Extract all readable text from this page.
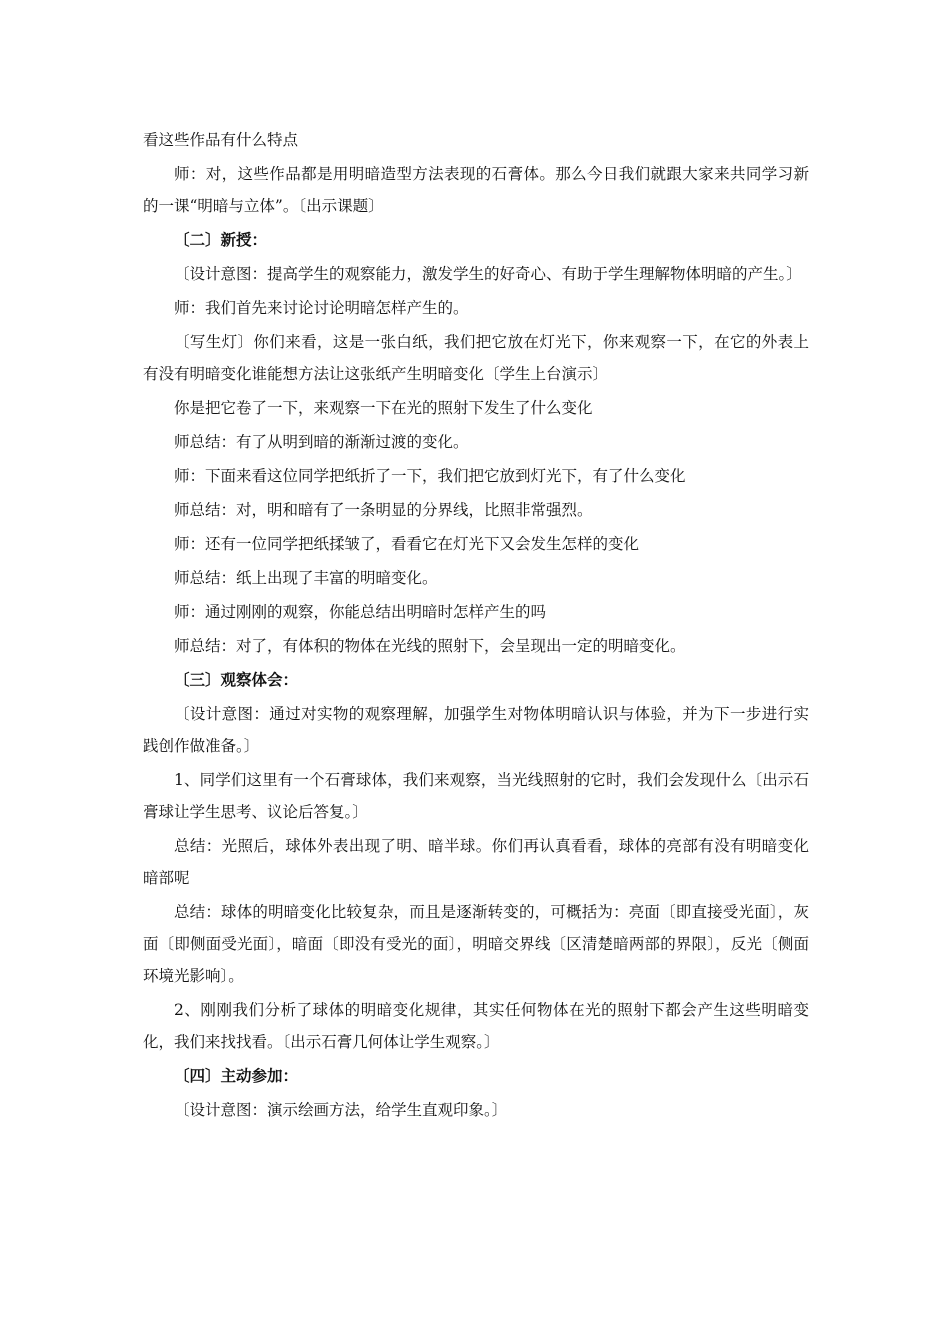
看这些作品有什么特点

师：对，这些作品都是用明暗造型方法表现的石膏体。那么今日我们就跟大家来共同学习新的一课“明暗与立体”。〔出示课题〕

〔二〕新授：

〔设计意图：提高学生的观察能力，激发学生的好奇心、有助于学生理解物体明暗的产生。〕

师：我们首先来讨论讨论明暗怎样产生的。

〔写生灯〕你们来看，这是一张白纸，我们把它放在灯光下，你来观察一下，在它的外表上有没有明暗变化谁能想方法让这张纸产生明暗变化〔学生上台演示〕

你是把它卷了一下，来观察一下在光的照射下发生了什么变化

师总结：有了从明到暗的渐渐过渡的变化。

师：下面来看这位同学把纸折了一下，我们把它放到灯光下，有了什么变化

师总结：对，明和暗有了一条明显的分界线，比照非常强烈。

师：还有一位同学把纸揉皱了，看看它在灯光下又会发生怎样的变化

师总结：纸上出现了丰富的明暗变化。

师：通过刚刚的观察，你能总结出明暗时怎样产生的吗

师总结：对了，有体积的物体在光线的照射下，会呈现出一定的明暗变化。

〔三〕观察体会：

〔设计意图：通过对实物的观察理解，加强学生对物体明暗认识与体验，并为下一步进行实践创作做准备。〕

1、同学们这里有一个石膏球体，我们来观察，当光线照射的它时，我们会发现什么〔出示石膏球让学生思考、议论后答复。〕

总结：光照后，球体外表出现了明、暗半球。你们再认真看看，球体的亮部有没有明暗变化暗部呢

总结：球体的明暗变化比较复杂，而且是逐渐转变的，可概括为：亮面〔即直接受光面〕，灰面〔即侧面受光面〕，暗面〔即没有受光的面〕，明暗交界线〔区清楚暗两部的界限〕，反光〔侧面环境光影响〕。

2、刚刚我们分析了球体的明暗变化规律，其实任何物体在光的照射下都会产生这些明暗变化，我们来找找看。〔出示石膏几何体让学生观察。〕

〔四〕主动参加：

〔设计意图：演示绘画方法，给学生直观印象。〕
